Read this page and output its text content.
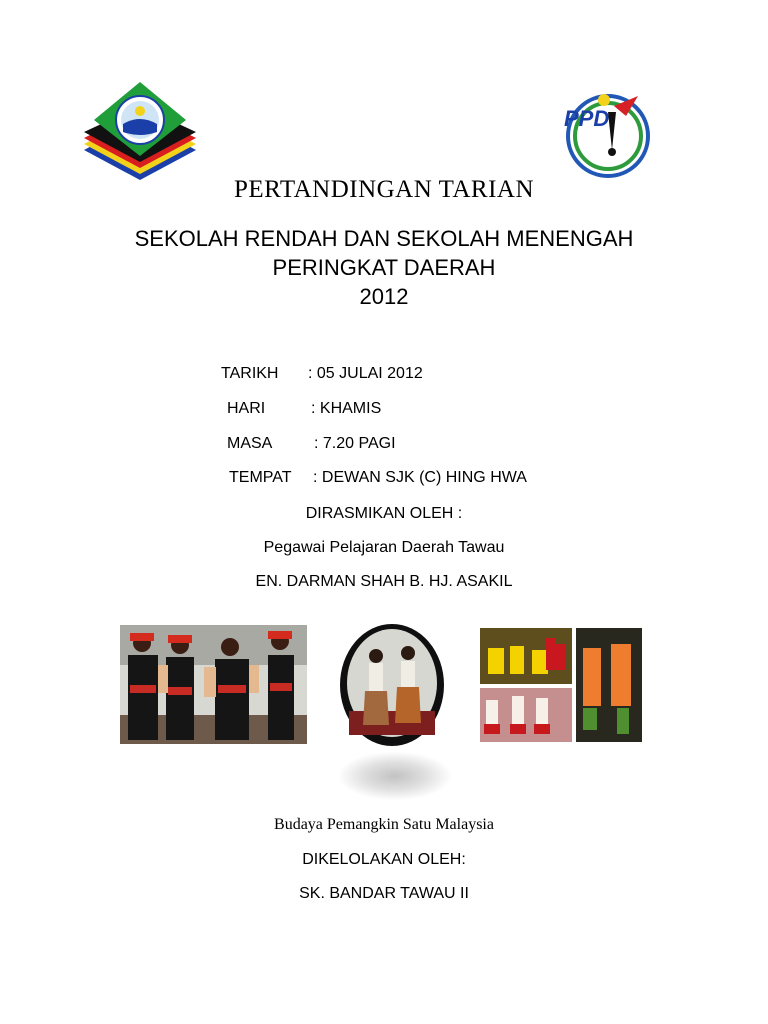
PPD
PERTANDINGAN TARIAN
SEKOLAH RENDAH DAN SEKOLAH MENENGAH
PERINGKAT DAERAH
2012
TARIKH : 05 JULAI 2012
HARI	: KHAMIS
MASA	: 7.20 PAGI
TEMPAT : DEWAN SJK (C) HING HWA
DIRASMIKAN OLEH :
Pegawai Pelajaran Daerah Tawau
EN. DARMAN SHAH B. HJ. ASAKIL
Budaya Pemangkin Satu Malaysia
DIKELOLAKAN OLEH:
SK. BANDAR TAWAU II
